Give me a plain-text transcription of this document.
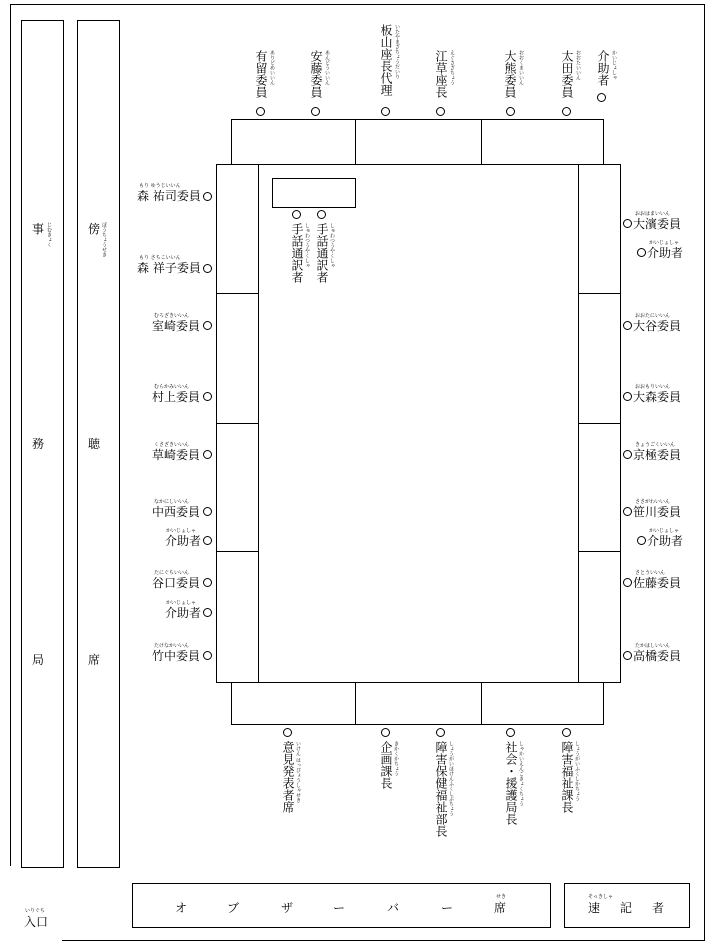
事 じむきょく
務
局
傍 ぼうちょうせき
聴
席
いりぐち
入口
オ	ブ	ザ	ー	バ	ー
せき
席
そっきしゃ
速 記 者
ありどめいいん
有留委員	あんどういいん
安藤委員	いたやまざちょうだいり
板山座長代理	えぐさざちょう
江草座長	おおくまいいん
大熊委員	おおたいいん
太田委員	かいじょしゃ
介助者
手話通訳者 しゅわつうやくしゃ 手話通訳者 しゅわつうやくしゃ
もり ゆうじいいん
森 祐司委員
もり さちこいいん
森 祥子委員
むろざきいいん
室崎委員
むらかみいいん
村上委員
くさざきいいん
草崎委員
なかにしいいん
中西委員
かいじょしゃ
介助者
たにぐちいいん
谷口委員
かいじょしゃ
介助者
たけなかいいん
竹中委員
おおはまいいん
大濱委員
かいじょしゃ
介助者
おおたにいいん
大谷委員
おおもりいいん
大森委員
きょうごくいいん
京極委員
ささがわいいん
笹川委員
かいじょしゃ
介助者
さとういいん
佐藤委員
たかはしいいん
高橋委員
意見発表者席 いけん はっぴょうしゃせき	企画課長 きかくかちょう	障害保健福祉部長 しょうがいほけんふくしぶちょう	社会・援護局長 しゃかいえんごきょくちょう	障害福祉課長 しょうがいふくしかちょう
